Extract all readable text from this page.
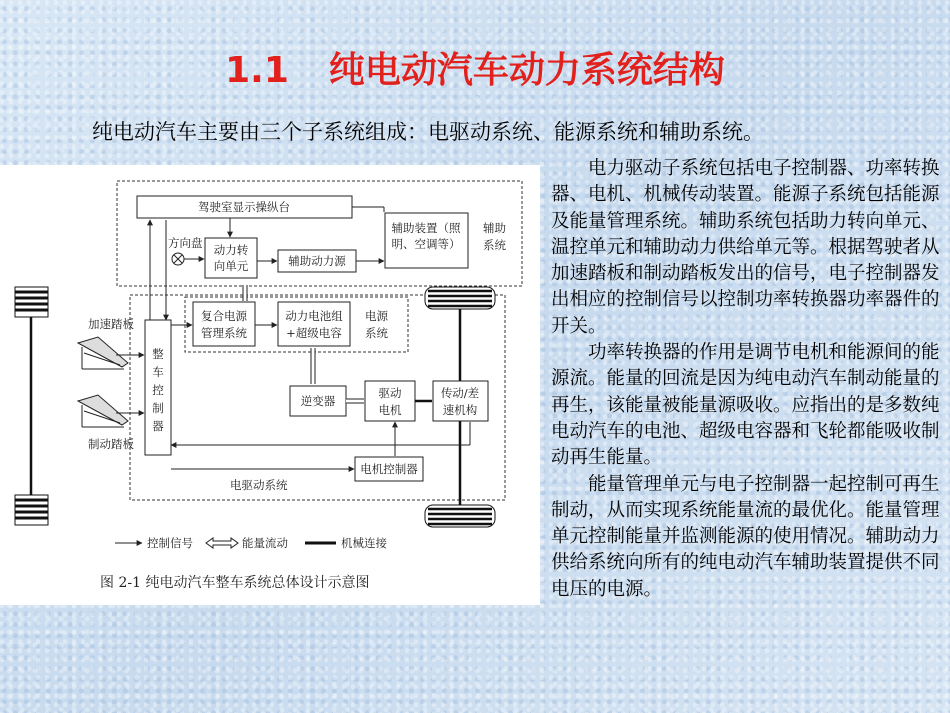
1.1 纯电动汽车动力系统结构
纯电动汽车主要由三个子系统组成：电驱动系统、能源系统和辅助系统。
驾驶室显示操纵台
辅助装置（照
明、空调等）
辅助
系统
方向盘 动力转
向单元	辅助动力源
加速踏板
制动踏板
整
车
控
制
器
复合电源
管理系统
动力电池组
+超级电容
电源
系统
逆变器
驱动
电机
传动/差
速机构
电机控制器
电驱动系统
控制信号	能量流动	机械连接
图 2-1 纯电动汽车整车系统总体设计示意图

电力驱动子系统包括电子控制器、功率转换器、电机、机械传动装置。能源子系统包括能源及能量管理系统。辅助系统包括助力转向单元、温控单元和辅助动力供给单元等。根据驾驶者从加速踏板和制动踏板发出的信号，电子控制器发出相应的控制信号以控制功率转换器功率器件的开关。

功率转换器的作用是调节电机和能源间的能源流。能量的回流是因为纯电动汽车制动能量的再生，该能量被能量源吸收。应指出的是多数纯电动汽车的电池、超级电容器和飞轮都能吸收制动再生能量。

能量管理单元与电子控制器一起控制可再生制动，从而实现系统能量流的最优化。能量管理单元控制能量并监测能源的使用情况。辅助动力供给系统向所有的纯电动汽车辅助装置提供不同电压的电源。
